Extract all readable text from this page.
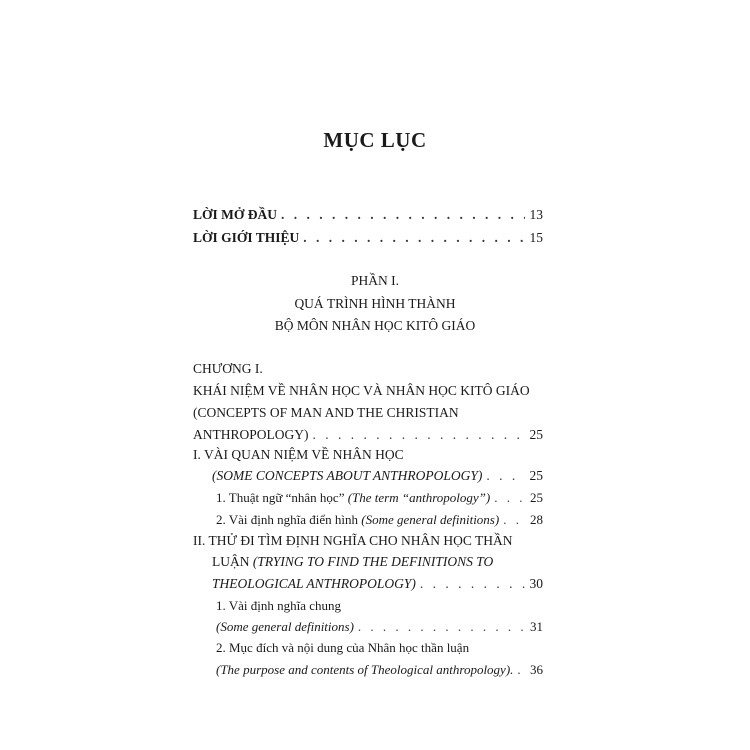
MỤC LỤC
LỜI MỞ ĐẦU . . .	13
LỜI GIỚI THIỆU . . .	15
PHẦN I.
QUÁ TRÌNH HÌNH THÀNH
BỘ MÔN NHÂN HỌC KITÔ GIÁO
CHƯƠNG I.
KHÁI NIỆM VỀ NHÂN HỌC VÀ NHÂN HỌC KITÔ GIÁO
(CONCEPTS OF MAN AND THE CHRISTIAN
ANTHROPOLOGY) . . .	25
I. VÀI QUAN NIỆM VỀ NHÂN HỌC
(SOME CONCEPTS ABOUT ANTHROPOLOGY) . . .	25
1. Thuật ngữ “nhân học” (The term “anthropology”) . . .	25
2. Vài định nghĩa điển hình (Some general definitions) . . . 28
II. THỬ ĐI TÌM ĐỊNH NGHĨA CHO NHÂN HỌC THẦN
LUẬN (TRYING TO FIND THE DEFINITIONS TO
THEOLOGICAL ANTHROPOLOGY) . . .	30
1. Vài định nghĩa chung
(Some general definitions) . . .	31
2. Mục đích và nội dung của Nhân học thần luận
(The purpose and contents of Theological anthropology). . . . 36
